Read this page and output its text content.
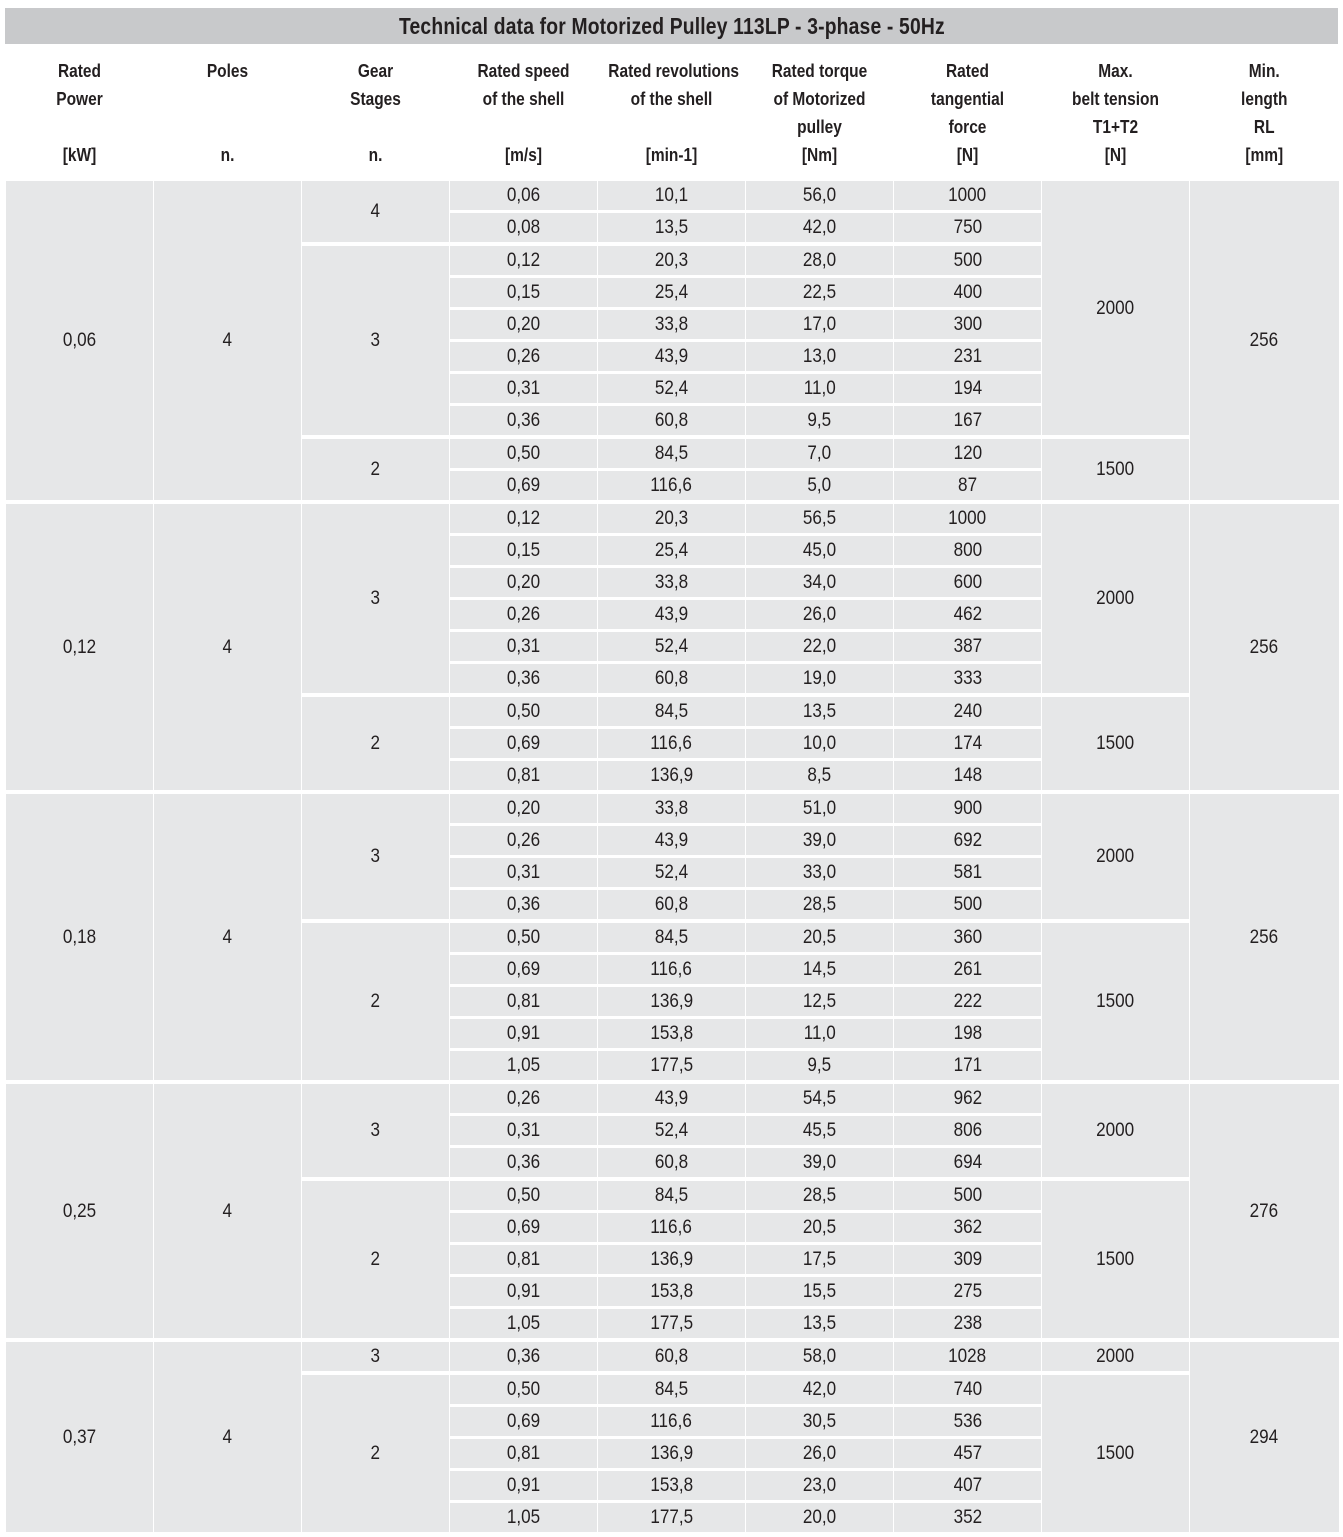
Technical data for Motorized Pulley 113LP - 3-phase - 50Hz
Rated
Power
[kW]	Poles
n.	Gear
Stages
n.	Rated speed
of the shell
[m/s]	Rated revolutions
of the shell
[min-1]	Rated torque
of Motorized
pulley
[Nm]	Rated
tangential
force
[N]	Max.
belt tension
T1+T2
[N]	Min.
length
RL
[mm]

0,06	4	4	0,06	10,1	56,0	1000	2000	256
			0,08	13,5	42,0	750		
		3	0,12	20,3	28,0	500		
			0,15	25,4	22,5	400		
			0,20	33,8	17,0	300		
			0,26	43,9	13,0	231		
			0,31	52,4	11,0	194		
			0,36	60,8	9,5	167		
		2	0,50	84,5	7,0	120	1500	
			0,69	116,6	5,0	87		
0,12	4	3	0,12	20,3	56,5	1000	2000	256
			0,15	25,4	45,0	800		
			0,20	33,8	34,0	600		
			0,26	43,9	26,0	462		
			0,31	52,4	22,0	387		
			0,36	60,8	19,0	333		
		2	0,50	84,5	13,5	240	1500	
			0,69	116,6	10,0	174		
			0,81	136,9	8,5	148		
0,18	4	3	0,20	33,8	51,0	900	2000	256
			0,26	43,9	39,0	692		
			0,31	52,4	33,0	581		
			0,36	60,8	28,5	500		
		2	0,50	84,5	20,5	360	1500	
			0,69	116,6	14,5	261		
			0,81	136,9	12,5	222		
			0,91	153,8	11,0	198		
			1,05	177,5	9,5	171		
0,25	4	3	0,26	43,9	54,5	962	2000	276
			0,31	52,4	45,5	806		
			0,36	60,8	39,0	694		
		2	0,50	84,5	28,5	500	1500	
			0,69	116,6	20,5	362		
			0,81	136,9	17,5	309		
			0,91	153,8	15,5	275		
			1,05	177,5	13,5	238		
0,37	4	3	0,36	60,8	58,0	1028	2000	294
		2	0,50	84,5	42,0	740	1500	
			0,69	116,6	30,5	536		
			0,81	136,9	26,0	457		
			0,91	153,8	23,0	407		
			1,05	177,5	20,0	352		
